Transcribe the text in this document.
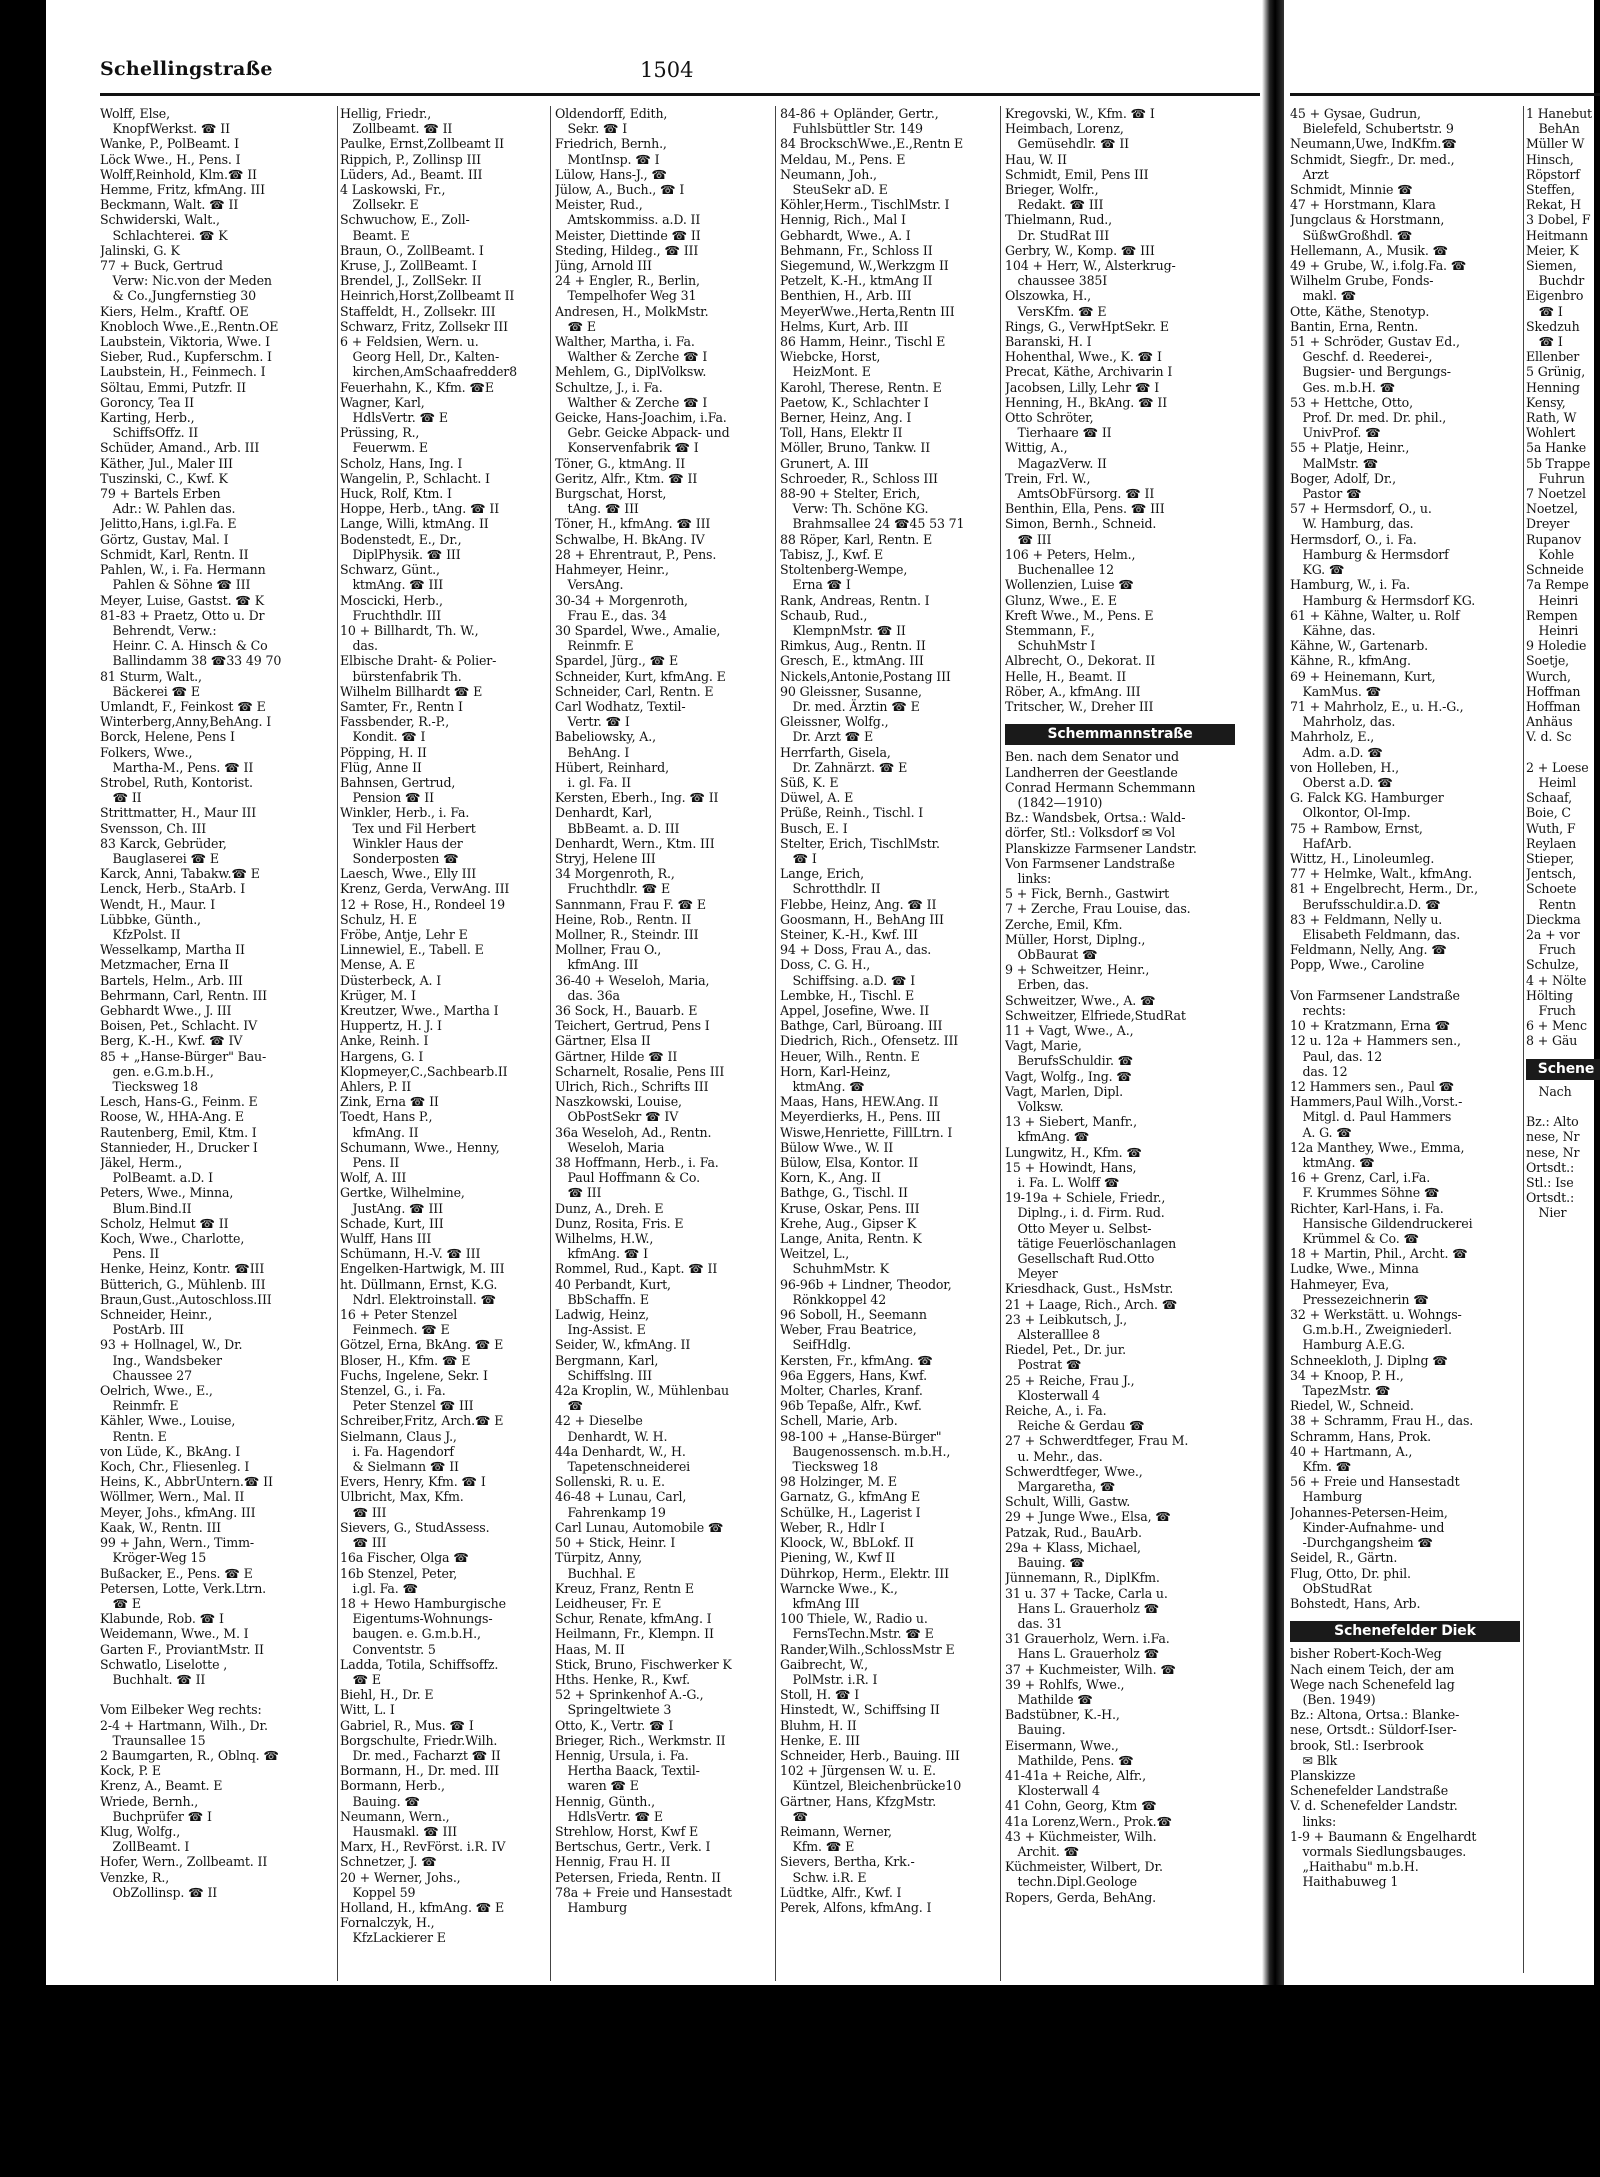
Schellingstraße	1504
Wolff, Else,
 KnopfWerkst. ☎ II
Wanke, P., PolBeamt. I
Löck Wwe., H., Pens. I
Wolff,Reinhold, Klm.☎ II
Hemme, Fritz, kfmAng. III
Beckmann, Walt. ☎ II
Schwiderski, Walt.,
 Schlachterei. ☎ K
Jalinski, G. K
77 + Buck, Gertrud
 Verw: Nic.von der Meden
 & Co.,Jungfernstieg 30
Kiers, Helm., Kraftf. OE
Knobloch Wwe.,E.,Rentn.OE
Laubstein, Viktoria, Wwe. I
Sieber, Rud., Kupferschm. I
Laubstein, H., Feinmech. I
Söltau, Emmi, Putzfr. II
Goroncy, Tea II
Karting, Herb.,
 SchiffsOffz. II
Schüder, Amand., Arb. III
Käther, Jul., Maler III
Tuszinski, C., Kwf. K
79 + Bartels Erben
 Adr.: W. Pahlen das.
Jelitto,Hans, i.gl.Fa. E
Görtz, Gustav, Mal. I
Schmidt, Karl, Rentn. II
Pahlen, W., i. Fa. Hermann
 Pahlen & Söhne ☎ III
Meyer, Luise, Gastst. ☎ K
81-83 + Praetz, Otto u. Dr
 Behrendt, Verw.:
 Heinr. C. A. Hinsch & Co
 Ballindamm 38 ☎33 49 70
81 Sturm, Walt.,
 Bäckerei ☎ E
Umlandt, F., Feinkost ☎ E
Winterberg,Anny,BehAng. I
Borck, Helene, Pens I
Folkers, Wwe.,
 Martha-M., Pens. ☎ II
Strobel, Ruth, Kontorist.
 ☎ II
Strittmatter, H., Maur III
Svensson, Ch. III
83 Karck, Gebrüder,
 Bauglaserei ☎ E
Karck, Anni, Tabakw.☎ E
Lenck, Herb., StaArb. I
Wendt, H., Maur. I
Lübbke, Günth.,
 KfzPolst. II
Wesselkamp, Martha II
Metzmacher, Erna II
Bartels, Helm., Arb. III
Behrmann, Carl, Rentn. III
Gebhardt Wwe., J. III
Boisen, Pet., Schlacht. IV
Berg, K.-H., Kwf. ☎ IV
85 + „Hanse-Bürger" Bau-
 gen. e.G.m.b.H.,
 Tiecksweg 18
Lesch, Hans-G., Feinm. E
Roose, W., HHA-Ang. E
Rautenberg, Emil, Ktm. I
Stannieder, H., Drucker I
Jäkel, Herm.,
 PolBeamt. a.D. I
Peters, Wwe., Minna,
 Blum.Bind.II
Scholz, Helmut ☎ II
Koch, Wwe., Charlotte,
 Pens. II
Henke, Heinz, Kontr. ☎III
Bütterich, G., Mühlenb. III
Braun,Gust.,Autoschloss.III
Schneider, Heinr.,
 PostArb. III
93 + Hollnagel, W., Dr.
 Ing., Wandsbeker
 Chaussee 27
Oelrich, Wwe., E.,
 Reinmfr. E
Kähler, Wwe., Louise,
 Rentn. E
von Lüde, K., BkAng. I
Koch, Chr., Fliesenleg. I
Heins, K., AbbrUntern.☎ II
Wöllmer, Wern., Mal. II
Meyer, Johs., kfmAng. III
Kaak, W., Rentn. III
99 + Jahn, Wern., Timm-
 Kröger-Weg 15
Bußacker, E., Pens. ☎ E
Petersen, Lotte, Verk.Ltrn.
 ☎ E
Klabunde, Rob. ☎ I
Weidemann, Wwe., M. I
Garten F., ProviantMstr. II
Schwatlo, Liselotte ,
 Buchhalt. ☎ II

Vom Eilbeker Weg rechts:
2-4 + Hartmann, Wilh., Dr.
 Traunsallee 15
2 Baumgarten, R., Oblnq. ☎
Kock, P. E
Krenz, A., Beamt. E
Wriede, Bernh.,
 Buchprüfer ☎ I
Klug, Wolfg.,
 ZollBeamt. I
Hofer, Wern., Zollbeamt. II
Venzke, R.,
 ObZollinsp. ☎ II
Hellig, Friedr.,
 Zollbeamt. ☎ II
Paulke, Ernst,Zollbeamt II
Rippich, P., Zollinsp III
Lüders, Ad., Beamt. III
4 Laskowski, Fr.,
 Zollsekr. E
Schwuchow, E., Zoll-
 Beamt. E
Braun, O., ZollBeamt. I
Kruse, J., ZollBeamt. I
Brendel, J., ZollSekr. II
Heinrich,Horst,Zollbeamt II
Staffeldt, H., Zollsekr. III
Schwarz, Fritz, Zollsekr III
6 + Feldsien, Wern. u.
 Georg Hell, Dr., Kalten-
 kirchen,AmSchaafredder8
Feuerhahn, K., Kfm. ☎E
Wagner, Karl,
 HdlsVertr. ☎ E
Prüssing, R.,
 Feuerwm. E
Scholz, Hans, Ing. I
Wangelin, P., Schlacht. I
Huck, Rolf, Ktm. I
Hoppe, Herb., tAng. ☎ II
Lange, Willi, ktmAng. II
Bodenstedt, E., Dr.,
 DiplPhysik. ☎ III
Schwarz, Günt.,
 ktmAng. ☎ III
Moscicki, Herb.,
 Fruchthdlr. III
10 + Billhardt, Th. W.,
 das.
Elbische Draht- & Polier-
 bürstenfabrik Th.
Wilhelm Billhardt ☎ E
Samter, Fr., Rentn I
Fassbender, R.-P.,
 Kondit. ☎ I
Pöpping, H. II
Flüg, Anne II
Bahnsen, Gertrud,
 Pension ☎ II
Winkler, Herb., i. Fa.
 Tex und Fil Herbert
 Winkler Haus der
 Sonderposten ☎
Laesch, Wwe., Elly III
Krenz, Gerda, VerwAng. III
12 + Rose, H., Rondeel 19
Schulz, H. E
Fröbe, Antje, Lehr E
Linnewiel, E., Tabell. E
Mense, A. E
Düsterbeck, A. I
Krüger, M. I
Kreutzer, Wwe., Martha I
Huppertz, H. J. I
Anke, Reinh. I
Hargens, G. I
Klopmeyer,C.,Sachbearb.II
Ahlers, P. II
Zink, Erna ☎ II
Toedt, Hans P.,
 kfmAng. II
Schumann, Wwe., Henny,
 Pens. II
Wolf, A. III
Gertke, Wilhelmine,
 JustAng. ☎ III
Schade, Kurt, III
Wulff, Hans III
Schümann, H.-V. ☎ III
Engelken-Hartwigk, M. III
ht. Düllmann, Ernst, K.G.
 Ndrl. Elektroinstall. ☎
16 + Peter Stenzel
 Feinmech. ☎ E
Götzel, Erna, BkAng. ☎ E
Bloser, H., Kfm. ☎ E
Fuchs, Ingelene, Sekr. I
Stenzel, G., i. Fa.
 Peter Stenzel ☎ III
Schreiber,Fritz, Arch.☎ E
Sielmann, Claus J.,
 i. Fa. Hagendorf
 & Sielmann ☎ II
Evers, Henry, Kfm. ☎ I
Ulbricht, Max, Kfm.
 ☎ III
Sievers, G., StudAssess.
 ☎ III
16a Fischer, Olga ☎
16b Stenzel, Peter,
 i.gl. Fa. ☎
18 + Hewo Hamburgische
 Eigentums-Wohnungs-
 baugen. e. G.m.b.H.,
 Conventstr. 5
Ladda, Totila, Schiffsoffz.
 ☎ E
Biehl, H., Dr. E
Witt, L. I
Gabriel, R., Mus. ☎ I
Borgschulte, Friedr.Wilh.
 Dr. med., Facharzt ☎ II
Bormann, H., Dr. med. III
Bormann, Herb.,
 Bauing. ☎
Neumann, Wern.,
 Hausmakl. ☎ III
Marx, H., RevFörst. i.R. IV
Schnetzer, J. ☎
20 + Werner, Johs.,
 Koppel 59
Holland, H., kfmAng. ☎ E
Fornalczyk, H.,
 KfzLackierer E
Oldendorff, Edith,
 Sekr. ☎ I
Friedrich, Bernh.,
 MontInsp. ☎ I
Lülow, Hans-J., ☎
Jülow, A., Buch., ☎ I
Meister, Rud.,
 Amtskommiss. a.D. II
Meister, Diettinde ☎ II
Steding, Hildeg., ☎ III
Jüng, Arnold III
24 + Engler, R., Berlin,
 Tempelhofer Weg 31
Andresen, H., MolkMstr.
 ☎ E
Walther, Martha, i. Fa.
 Walther & Zerche ☎ I
Mehlem, G., DiplVolksw.
Schultze, J., i. Fa.
 Walther & Zerche ☎ I
Geicke, Hans-Joachim, i.Fa.
 Gebr. Geicke Abpack- und
 Konservenfabrik ☎ I
Töner, G., ktmAng. II
Geritz, Alfr., Ktm. ☎ II
Burgschat, Horst,
 tAng. ☎ III
Töner, H., kfmAng. ☎ III
Schwalbe, H. BkAng. IV
28 + Ehrentraut, P., Pens.
Hahmeyer, Heinr.,
 VersAng.
30-34 + Morgenroth,
 Frau E., das. 34
30 Spardel, Wwe., Amalie,
 Reinmfr. E
Spardel, Jürg., ☎ E
Schneider, Kurt, kfmAng. E
Schneider, Carl, Rentn. E
Carl Wodhatz, Textil-
 Vertr. ☎ I
Babeliowsky, A.,
 BehAng. I
Hübert, Reinhard,
 i. gl. Fa. II
Kersten, Eberh., Ing. ☎ II
Denhardt, Karl,
 BbBeamt. a. D. III
Denhardt, Wern., Ktm. III
Stryj, Helene III
34 Morgenroth, R.,
 Fruchthdlr. ☎ E
Sannmann, Frau F. ☎ E
Heine, Rob., Rentn. II
Mollner, R., Steindr. III
Mollner, Frau O.,
 kfmAng. III
36-40 + Weseloh, Maria,
 das. 36a
36 Sock, H., Bauarb. E
Teichert, Gertrud, Pens I
Gärtner, Elsa II
Gärtner, Hilde ☎ II
Scharnelt, Rosalie, Pens III
Ulrich, Rich., Schrifts III
Naszkowski, Louise,
 ObPostSekr ☎ IV
36a Weseloh, Ad., Rentn.
 Weseloh, Maria
38 Hoffmann, Herb., i. Fa.
 Paul Hoffmann & Co.
 ☎ III
Dunz, A., Dreh. E
Dunz, Rosita, Fris. E
Wilhelms, H.W.,
 kfmAng. ☎ I
Rommel, Rud., Kapt. ☎ II
40 Perbandt, Kurt,
 BbSchaffn. E
Ladwig, Heinz,
 Ing-Assist. E
Seider, W., kfmAng. II
Bergmann, Karl,
 Schiffslng. III
42a Kroplin, W., Mühlenbau
 ☎
42 + Dieselbe
 Denhardt, W. H.
44a Denhardt, W., H.
 Tapetenschneiderei
Sollenski, R. u. E.
46-48 + Lunau, Carl,
 Fahrenkamp 19
Carl Lunau, Automobile ☎
50 + Stick, Heinr. I
Türpitz, Anny,
 Buchhal. E
Kreuz, Franz, Rentn E
Leidheuser, Fr. E
Schur, Renate, kfmAng. I
Heilmann, Fr., Klempn. II
Haas, M. II
Stick, Bruno, Fischwerker K
Hths. Henke, R., Kwf.
52 + Sprinkenhof A.-G.,
 Springeltwiete 3
Otto, K., Vertr. ☎ I
Brieger, Rich., Werkmstr. II
Hennig, Ursula, i. Fa.
 Hertha Baack, Textil-
 waren ☎ E
Hennig, Günth.,
 HdlsVertr. ☎ E
Strehlow, Horst, Kwf E
Bertschus, Gertr., Verk. I
Hennig, Frau H. II
Petersen, Frieda, Rentn. II
78a + Freie und Hansestadt
 Hamburg
84-86 + Opländer, Gertr.,
 Fuhlsbüttler Str. 149
84 BrockschWwe.,E.,Rentn E
Meldau, M., Pens. E
Neumann, Joh.,
 SteuSekr aD. E
Köhler,Herm., TischlMstr. I
Hennig, Rich., Mal I
Gebhardt, Wwe., A. I
Behmann, Fr., Schloss II
Siegemund, W.,Werkzgm II
Petzelt, K.-H., ktmAng II
Benthien, H., Arb. III
MeyerWwe.,Herta,Rentn III
Helms, Kurt, Arb. III
86 Hamm, Heinr., Tischl E
Wiebcke, Horst,
 HeizMont. E
Karohl, Therese, Rentn. E
Paetow, K., Schlachter I
Berner, Heinz, Ang. I
Toll, Hans, Elektr II
Möller, Bruno, Tankw. II
Grunert, A. III
Schroeder, R., Schloss III
88-90 + Stelter, Erich,
 Verw: Th. Schöne KG.
 Brahmsallee 24 ☎45 53 71
88 Röper, Karl, Rentn. E
Tabisz, J., Kwf. E
Stoltenberg-Wempe,
 Erna ☎ I
Rank, Andreas, Rentn. I
Schaub, Rud.,
 KlempnMstr. ☎ II
Rimkus, Aug., Rentn. II
Gresch, E., ktmAng. III
Nickels,Antonie,Postang III
90 Gleissner, Susanne,
 Dr. med. Ärztin ☎ E
Gleissner, Wolfg.,
 Dr. Arzt ☎ E
Herrfarth, Gisela,
 Dr. Zahnärzt. ☎ E
Süß, K. E
Düwel, A. E
Prüße, Reinh., Tischl. I
Busch, E. I
Stelter, Erich, TischlMstr.
 ☎ I
Lange, Erich,
 Schrotthdlr. II
Flebbe, Heinz, Ang. ☎ II
Goosmann, H., BehAng III
Steiner, K.-H., Kwf. III
94 + Doss, Frau A., das.
Doss, C. G. H.,
 Schiffsing. a.D. ☎ I
Lembke, H., Tischl. E
Appel, Josefine, Wwe. II
Bathge, Carl, Büroang. III
Diedrich, Rich., Ofensetz. III
Heuer, Wilh., Rentn. E
Horn, Karl-Heinz,
 ktmAng. ☎
Maas, Hans, HEW.Ang. II
Meyerdierks, H., Pens. III
Wiswe,Henriette, FillLtrn. I
Bülow Wwe., W. II
Bülow, Elsa, Kontor. II
Korn, K., Ang. II
Bathge, G., Tischl. II
Kruse, Oskar, Pens. III
Krehe, Aug., Gipser K
Lange, Anita, Rentn. K
Weitzel, L.,
 SchuhmMstr. K
96-96b + Lindner, Theodor,
 Rönkkoppel 42
96 Soboll, H., Seemann
Weber, Frau Beatrice,
 SeifHdlg.
Kersten, Fr., kfmAng. ☎
96a Eggers, Hans, Kwf.
Molter, Charles, Kranf.
96b Tepaße, Alfr., Kwf.
Schell, Marie, Arb.
98-100 + „Hanse-Bürger"
 Baugenossensch. m.b.H.,
 Tiecksweg 18
98 Holzinger, M. E
Garnatz, G., kfmAng E
Schülke, H., Lagerist I
Weber, R., Hdlr I
Kloock, W., BbLokf. II
Piening, W., Kwf II
Dührkop, Herm., Elektr. III
Warncke Wwe., K.,
 kfmAng III
100 Thiele, W., Radio u.
 FernsTechn.Mstr. ☎ E
Rander,Wilh.,SchlossMstr E
Gaibrecht, W.,
 PolMstr. i.R. I
Stoll, H. ☎ I
Hinstedt, W., Schiffsing II
Bluhm, H. II
Henke, E. III
Schneider, Herb., Bauing. III
102 + Jürgensen W. u. E.
 Küntzel, Bleichenbrücke10
Gärtner, Hans, KfzgMstr.
 ☎
Reimann, Werner,
 Kfm. ☎ E
Sievers, Bertha, Krk.-
 Schw. i.R. E
Lüdtke, Alfr., Kwf. I
Perek, Alfons, kfmAng. I
Kregovski, W., Kfm. ☎ I
Heimbach, Lorenz,
 Gemüsehdlr. ☎ II
Hau, W. II
Schmidt, Emil, Pens III
Brieger, Wolfr.,
 Redakt. ☎ III
Thielmann, Rud.,
 Dr. StudRat III
Gerbry, W., Komp. ☎ III
104 + Herr, W., Alsterkrug-
 chaussee 385I
Olszowka, H.,
 VersKfm. ☎ E
Rings, G., VerwHptSekr. E
Baranski, H. I
Hohenthal, Wwe., K. ☎ I
Precat, Käthe, Archivarin I
Jacobsen, Lilly, Lehr ☎ I
Henning, H., BkAng. ☎ II
Otto Schröter,
 Tierhaare ☎ II
Wittig, A.,
 MagazVerw. II
Trein, Frl. W.,
 AmtsObFürsorg. ☎ II
Benthin, Ella, Pens. ☎ III
Simon, Bernh., Schneid.
 ☎ III
106 + Peters, Helm.,
 Buchenallee 12
Wollenzien, Luise ☎
Glunz, Wwe., E. E
Kreft Wwe., M., Pens. E
Stemmann, F.,
 SchuhMstr I
Albrecht, O., Dekorat. II
Helle, H., Beamt. II
Röber, A., kfmAng. III
Tritscher, W., Dreher III
Schemmannstraße
Ben. nach dem Senator und
Landherren der Geestlande
Conrad Hermann Schemmann
 (1842—1910)
Bz.: Wandsbek, Ortsa.: Wald-
dörfer, Stl.: Volksdorf ✉ Vol
Planskizze Farmsener Landstr.
Von Farmsener Landstraße
 links:
5 + Fick, Bernh., Gastwirt
7 + Zerche, Frau Louise, das.
Zerche, Emil, Kfm.
Müller, Horst, Diplng.,
 ObBaurat ☎
9 + Schweitzer, Heinr.,
 Erben, das.
Schweitzer, Wwe., A. ☎
Schweitzer, Elfriede,StudRat
11 + Vagt, Wwe., A.,
Vagt, Marie,
 BerufsSchuldir. ☎
Vagt, Wolfg., Ing. ☎
Vagt, Marlen, Dipl.
 Volksw.
13 + Siebert, Manfr.,
 kfmAng. ☎
Lungwitz, H., Kfm. ☎
15 + Howindt, Hans,
 i. Fa. L. Wolff ☎
19-19a + Schiele, Friedr.,
 Diplng., i. d. Firm. Rud.
 Otto Meyer u. Selbst-
 tätige Feuerlöschanlagen
 Gesellschaft Rud.Otto
 Meyer
Kriesdhack, Gust., HsMstr.
21 + Laage, Rich., Arch. ☎
23 + Leibkutsch, J.,
 Alsteralllee 8
Riedel, Pet., Dr. jur.
 Postrat ☎
25 + Reiche, Frau J.,
 Klosterwall 4
Reiche, A., i. Fa.
 Reiche & Gerdau ☎
27 + Schwerdtfeger, Frau M.
 u. Mehr., das.
Schwerdtfeger, Wwe.,
 Margaretha, ☎
Schult, Willi, Gastw.
29 + Junge Wwe., Elsa, ☎
Patzak, Rud., BauArb.
29a + Klass, Michael,
 Bauing. ☎
Jünnemann, R., DiplKfm.
31 u. 37 + Tacke, Carla u.
 Hans L. Grauerholz ☎
 das. 31
31 Grauerholz, Wern. i.Fa.
 Hans L. Grauerholz ☎
37 + Kuchmeister, Wilh. ☎
39 + Rohlfs, Wwe.,
 Mathilde ☎
Badstübner, K.-H.,
 Bauing.
Eisermann, Wwe.,
 Mathilde, Pens. ☎
41-41a + Reiche, Alfr.,
 Klosterwall 4
41 Cohn, Georg, Ktm ☎
41a Lorenz,Wern., Prok.☎
43 + Küchmeister, Wilh.
 Archit. ☎
Küchmeister, Wilbert, Dr.
 techn.Dipl.Geologe
Ropers, Gerda, BehAng.
45 + Gysae, Gudrun,
 Bielefeld, Schubertstr. 9
Neumann,Uwe, IndKfm.☎
Schmidt, Siegfr., Dr. med.,
 Arzt
Schmidt, Minnie ☎
47 + Horstmann, Klara
Jungclaus & Horstmann,
 SüßwGroßhdl. ☎
Hellemann, A., Musik. ☎
49 + Grube, W., i.folg.Fa. ☎
Wilhelm Grube, Fonds-
 makl. ☎
Otte, Käthe, Stenotyp.
Bantin, Erna, Rentn.
51 + Schröder, Gustav Ed.,
 Geschf. d. Reederei-,
 Bugsier- und Bergungs-
 Ges. m.b.H. ☎
53 + Hettche, Otto,
 Prof. Dr. med. Dr. phil.,
 UnivProf. ☎
55 + Platje, Heinr.,
 MalMstr. ☎
Boger, Adolf, Dr.,
 Pastor ☎
57 + Hermsdorf, O., u.
 W. Hamburg, das.
Hermsdorf, O., i. Fa.
 Hamburg & Hermsdorf
 KG. ☎
Hamburg, W., i. Fa.
 Hamburg & Hermsdorf KG.
61 + Kähne, Walter, u. Rolf
 Kähne, das.
Kähne, W., Gartenarb.
Kähne, R., kfmAng.
69 + Heinemann, Kurt,
 KamMus. ☎
71 + Mahrholz, E., u. H.-G.,
 Mahrholz, das.
Mahrholz, E.,
 Adm. a.D. ☎
von Holleben, H.,
 Oberst a.D. ☎
G. Falck KG. Hamburger
 Olkontor, Ol-Imp.
75 + Rambow, Ernst,
 HafArb.
Wittz, H., Linoleumleg.
77 + Helmke, Walt., kfmAng.
81 + Engelbrecht, Herm., Dr.,
 Berufsschuldir.a.D. ☎
83 + Feldmann, Nelly u.
 Elisabeth Feldmann, das.
Feldmann, Nelly, Ang. ☎
Popp, Wwe., Caroline

Von Farmsener Landstraße
 rechts:
10 + Kratzmann, Erna ☎
12 u. 12a + Hammers sen.,
 Paul, das. 12
 das. 12
12 Hammers sen., Paul ☎
Hammers,Paul Wilh.,Vorst.-
 Mitgl. d. Paul Hammers
 A. G. ☎
12a Manthey, Wwe., Emma,
 ktmAng. ☎
16 + Grenz, Carl, i.Fa.
 F. Krummes Söhne ☎
Richter, Karl-Hans, i. Fa.
 Hansische Gildendruckerei
 Krümmel & Co. ☎
18 + Martin, Phil., Archt. ☎
Ludke, Wwe., Minna
Hahmeyer, Eva,
 Pressezeichnerin ☎
32 + Werkstätt. u. Wohngs-
 G.m.b.H., Zweigniederl.
 Hamburg A.E.G.
Schneekloth, J. Diplng ☎
34 + Knoop, P. H.,
 TapezMstr. ☎
Riedel, W., Schneid.
38 + Schramm, Frau H., das.
Schramm, Hans, Prok.
40 + Hartmann, A.,
 Kfm. ☎
56 + Freie und Hansestadt
 Hamburg
Johannes-Petersen-Heim,
 Kinder-Aufnahme- und
 -Durchgangsheim ☎
Seidel, R., Gärtn.
Flug, Otto, Dr. phil.
 ObStudRat
Bohstedt, Hans, Arb.
Schenefelder Diek
bisher Robert-Koch-Weg
Nach einem Teich, der am
Wege nach Schenefeld lag
 (Ben. 1949)
Bz.: Altona, Ortsa.: Blanke-
nese, Ortsdt.: Süldorf-Iser-
brook, Stl.: Iserbrook
 ✉ Blk
Planskizze
Schenefelder Landstraße
V. d. Schenefelder Landstr.
 links:
1-9 + Baumann & Engelhardt
 vormals Siedlungsbauges.
 „Haithabu" m.b.H.
 Haithabuweg 1
1 Hanebut
 BehAn
Müller W
Hinsch,
Röpstorf
Steffen,
Rekat, H
3 Dobel, F
Heitmann
Meier, K
Siemen,
 Buchdr
Eigenbro
 ☎ I
Skedzuh
 ☎ I
Ellenber
5 Grünig,
Henning
Kensy,
Rath, W
Wohlert
5a Hanke
5b Trappe
 Fuhrun
7 Noetzel
Noetzel,
Dreyer
Rupanov
 Kohle
Schneide
7a Rempe
 Heinri
Rempen
 Heinri
9 Holedie
Soetje,
Wurch,
Hoffman
Hoffman
Anhäus
V. d. Sc

2 + Loese
 Heiml
Schaaf,
Boie, C
Wuth, F
Reylaen
Stieper,
Jentsch,
Schoete
 Rentn
Dieckma
2a + vor
 Fruch
Schulze,
4 + Nölte
Hölting
 Fruch
6 + Menc
8 + Gäu
Schene
 Nach

Bz.: Alto
nese, Nr
nese, Nr
Ortsdt.:
Stl.: Ise
Ortsdt.:
 Nier
